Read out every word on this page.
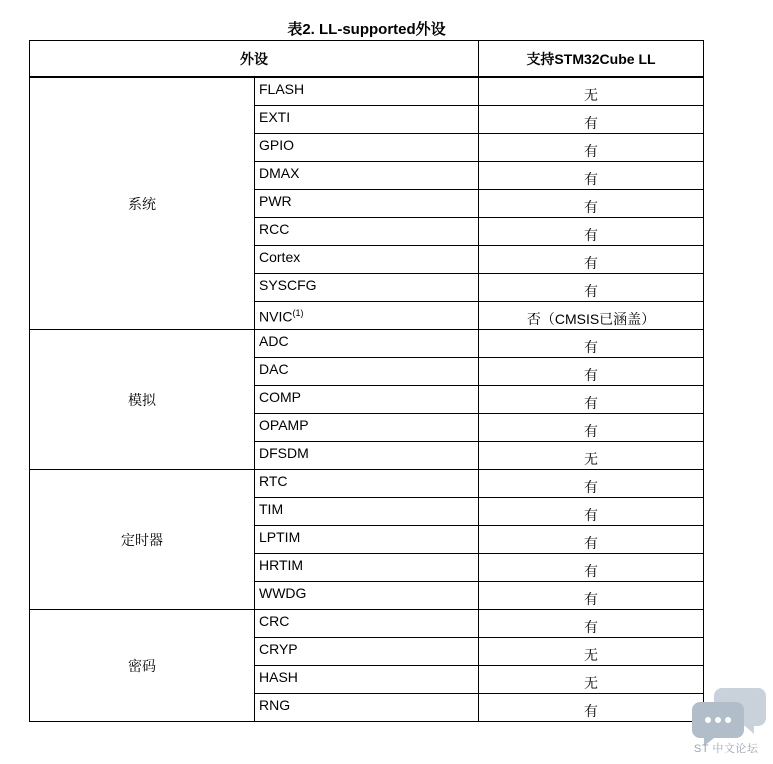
表2. LL-supported外设
外设		支持STM32Cube LL
系统	FLASH	无
	EXTI	有
	GPIO	有
	DMAX	有
	PWR	有
	RCC	有
	Cortex	有
	SYSCFG	有
	NVIC$^{(1)}$	否（CMSIS已涵盖）
模拟	ADC	有
	DAC	有
	COMP	有
	OPAMP	有
	DFSDM	无
定时器	RTC	有
	TIM	有
	LPTIM	有
	HRTIM	有
	WWDG	有
密码	CRC	有
	CRYP	无
	HASH	无
	RNG	有
ST 中文论坛
